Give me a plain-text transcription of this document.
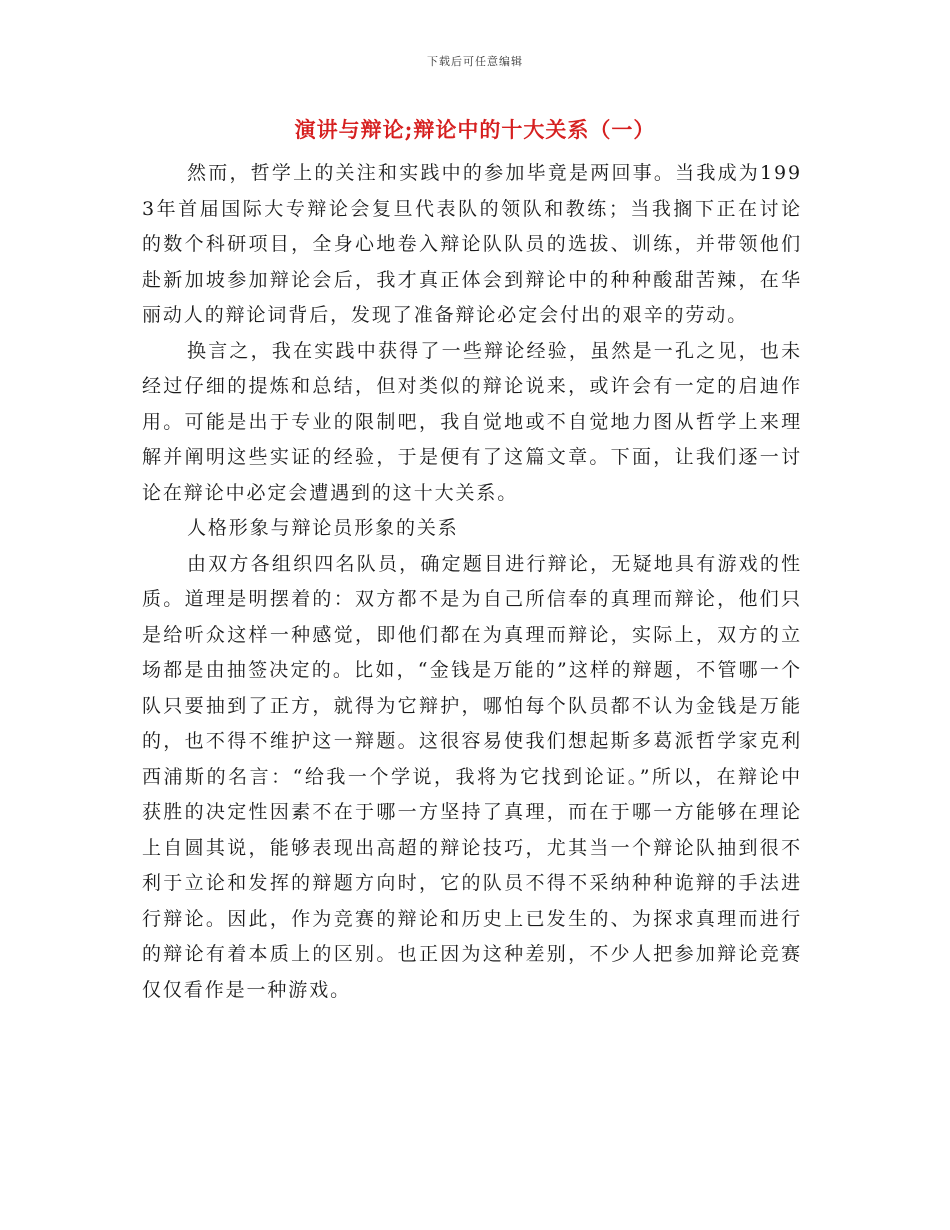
下载后可任意编辑
演讲与辩论;辩论中的十大关系（一）

然而，哲学上的关注和实践中的参加毕竟是两回事。当我成为1993年首届国际大专辩论会复旦代表队的领队和教练；当我搁下正在讨论的数个科研项目，全身心地卷入辩论队队员的选拔、训练，并带领他们赴新加坡参加辩论会后，我才真正体会到辩论中的种种酸甜苦辣，在华丽动人的辩论词背后，发现了准备辩论必定会付出的艰辛的劳动。

换言之，我在实践中获得了一些辩论经验，虽然是一孔之见，也未经过仔细的提炼和总结，但对类似的辩论说来，或许会有一定的启迪作用。可能是出于专业的限制吧，我自觉地或不自觉地力图从哲学上来理解并阐明这些实证的经验，于是便有了这篇文章。下面，让我们逐一讨论在辩论中必定会遭遇到的这十大关系。

人格形象与辩论员形象的关系

由双方各组织四名队员，确定题目进行辩论，无疑地具有游戏的性质。道理是明摆着的：双方都不是为自己所信奉的真理而辩论，他们只是给听众这样一种感觉，即他们都在为真理而辩论，实际上，双方的立场都是由抽签决定的。比如，“金钱是万能的”这样的辩题，不管哪一个队只要抽到了正方，就得为它辩护，哪怕每个队员都不认为金钱是万能的，也不得不维护这一辩题。这很容易使我们想起斯多葛派哲学家克利西浦斯的名言：“给我一个学说，我将为它找到论证。”所以，在辩论中获胜的决定性因素不在于哪一方坚持了真理，而在于哪一方能够在理论上自圆其说，能够表现出高超的辩论技巧，尤其当一个辩论队抽到很不利于立论和发挥的辩题方向时，它的队员不得不采纳种种诡辩的手法进行辩论。因此，作为竞赛的辩论和历史上已发生的、为探求真理而进行的辩论有着本质上的区别。也正因为这种差别，不少人把参加辩论竞赛仅仅看作是一种游戏。
